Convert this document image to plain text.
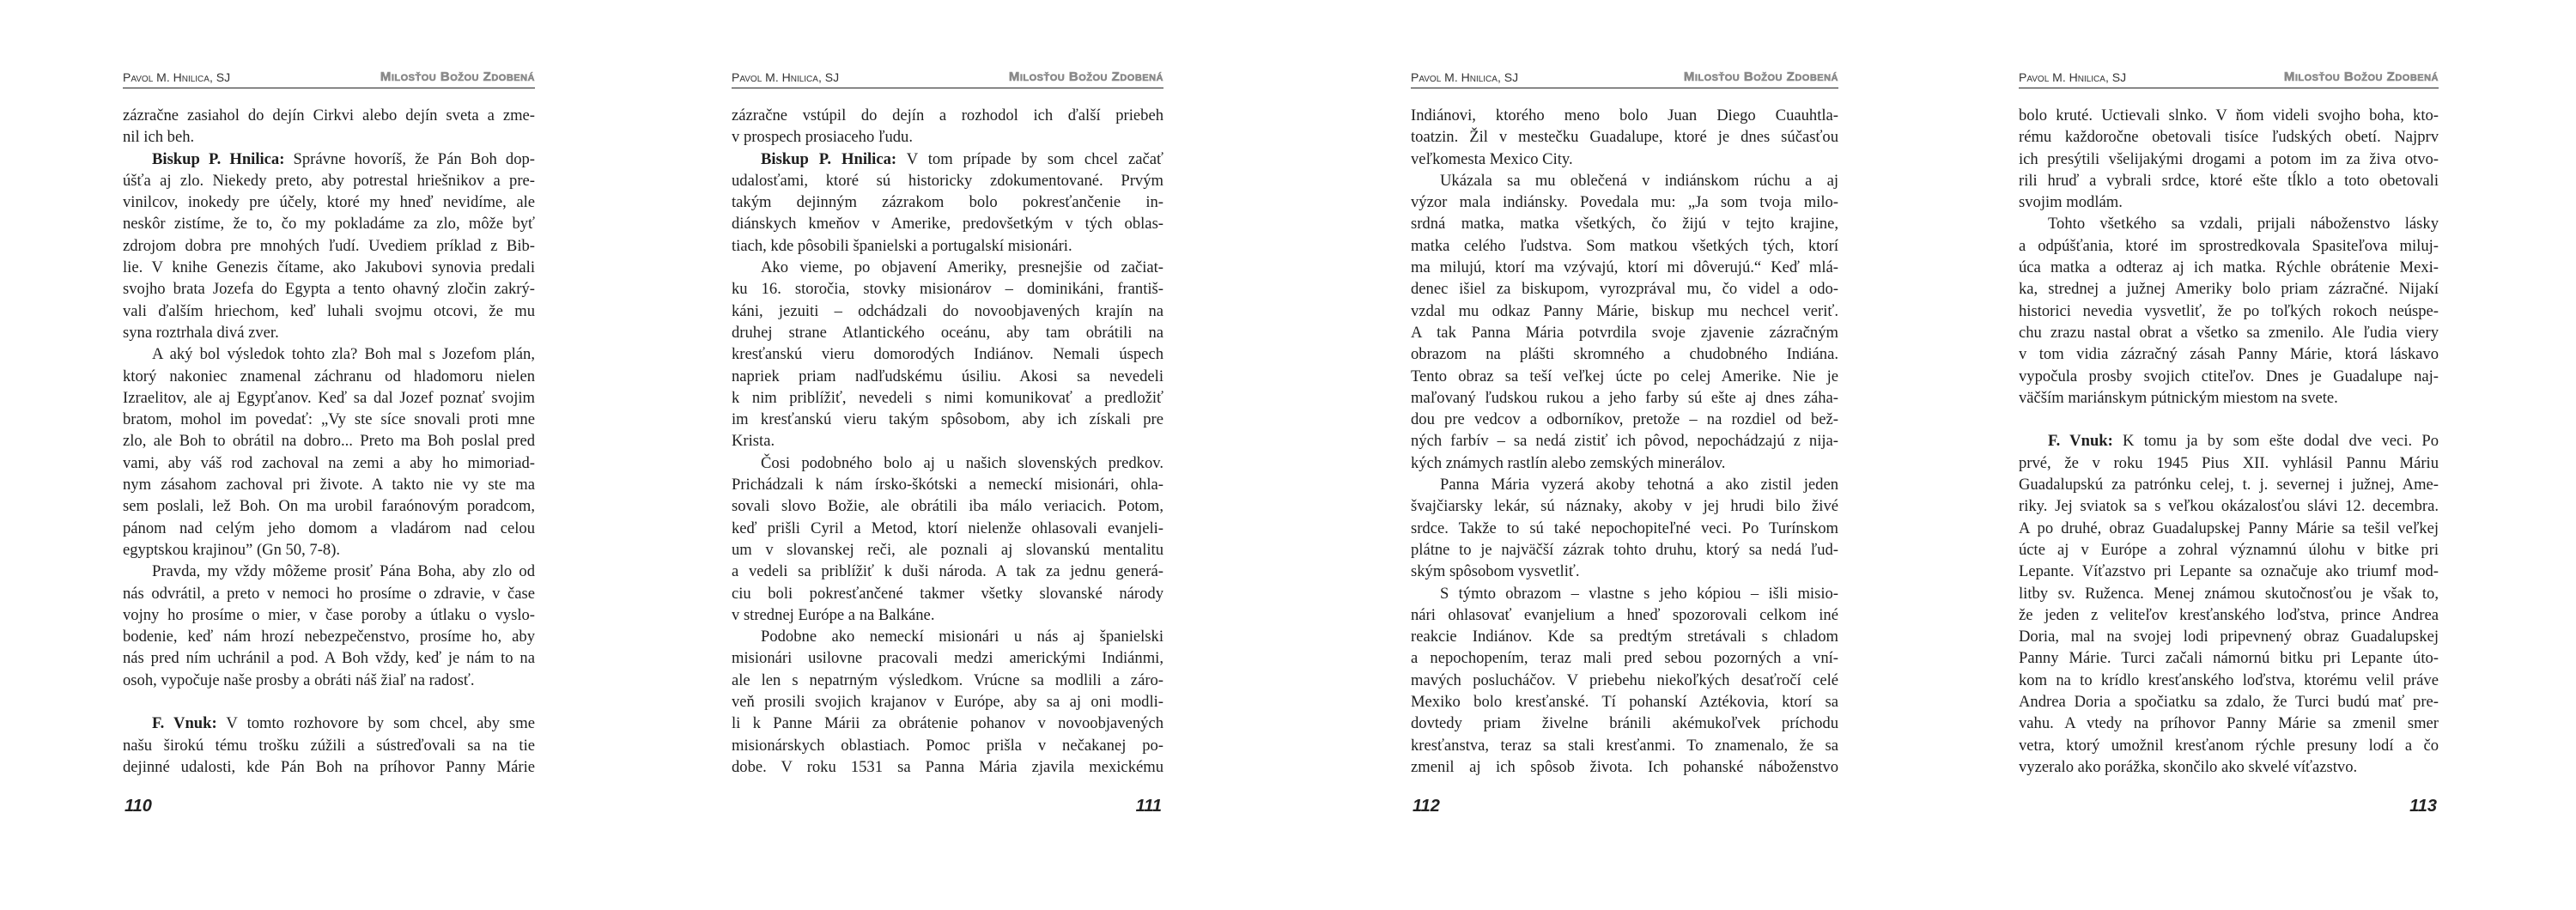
Pavol M. Hnilica, SJ	Milosťou Božou Zdobená
zázračne zasiahol do dejín Cirkvi alebo dejín sveta a zme-
nil ich beh.
Biskup P. Hnilica: Správne hovoríš, že Pán Boh dop-
úšťa aj zlo. Niekedy preto, aby potrestal hriešnikov a pre-
vinilcov, inokedy pre účely, ktoré my hneď nevidíme, ale
neskôr zistíme, že to, čo my pokladáme za zlo, môže byť
zdrojom dobra pre mnohých ľudí. Uvediem príklad z Bib-
lie. V knihe Genezis čítame, ako Jakubovi synovia predali
svojho brata Jozefa do Egypta a tento ohavný zločin zakrý-
vali ďalším hriechom, keď luhali svojmu otcovi, že mu
syna roztrhala divá zver.
A aký bol výsledok tohto zla? Boh mal s Jozefom plán,
ktorý nakoniec znamenal záchranu od hladomoru nielen
Izraelitov, ale aj Egypťanov. Keď sa dal Jozef poznať svojim
bratom, mohol im povedať: „Vy ste síce snovali proti mne
zlo, ale Boh to obrátil na dobro... Preto ma Boh poslal pred
vami, aby váš rod zachoval na zemi a aby ho mimoriad-
nym zásahom zachoval pri živote. A takto nie vy ste ma
sem poslali, lež Boh. On ma urobil faraónovým poradcom,
pánom nad celým jeho domom a vladárom nad celou
egyptskou krajinou” (Gn 50, 7-8).
Pravda, my vždy môžeme prosiť Pána Boha, aby zlo od
nás odvrátil, a preto v nemoci ho prosíme o zdravie, v čase
vojny ho prosíme o mier, v čase poroby a útlaku o vyslo-
bodenie, keď nám hrozí nebezpečenstvo, prosíme ho, aby
nás pred ním uchránil a pod. A Boh vždy, keď je nám to na
osoh, vypočuje naše prosby a obráti náš žiaľ na radosť.
F. Vnuk: V tomto rozhovore by som chcel, aby sme
našu širokú tému trošku zúžili a sústreďovali sa na tie
dejinné udalosti, kde Pán Boh na príhovor Panny Márie
110
Pavol M. Hnilica, SJ	Milosťou Božou Zdobená
zázračne vstúpil do dejín a rozhodol ich ďalší priebeh
v prospech prosiaceho ľudu.
Biskup P. Hnilica: V tom prípade by som chcel začať
udalosťami, ktoré sú historicky zdokumentované. Prvým
takým dejinným zázrakom bolo pokresťančenie in-
diánskych kmeňov v Amerike, predovšetkým v tých oblas-
tiach, kde pôsobili španielski a portugalskí misionári.
Ako vieme, po objavení Ameriky, presnejšie od začiat-
ku 16. storočia, stovky misionárov – dominikáni, františ-
káni, jezuiti – odchádzali do novoobjavených krajín na
druhej strane Atlantického oceánu, aby tam obrátili na
kresťanskú vieru domorodých Indiánov. Nemali úspech
napriek priam nadľudskému úsiliu. Akosi sa nevedeli
k nim priblížiť, nevedeli s nimi komunikovať a predložiť
im kresťanskú vieru takým spôsobom, aby ich získali pre
Krista.
Čosi podobného bolo aj u našich slovenských predkov.
Prichádzali k nám írsko-škótski a nemeckí misionári, ohla-
sovali slovo Božie, ale obrátili iba málo veriacich. Potom,
keď prišli Cyril a Metod, ktorí nielenže ohlasovali evanjeli-
um v slovanskej reči, ale poznali aj slovanskú mentalitu
a vedeli sa priblížiť k duši národa. A tak za jednu generá-
ciu boli pokresťančené takmer všetky slovanské národy
v strednej Európe a na Balkáne.
Podobne ako nemeckí misionári u nás aj španielski
misionári usilovne pracovali medzi americkými Indiánmi,
ale len s nepatrným výsledkom. Vrúcne sa modlili a záro-
veň prosili svojich krajanov v Európe, aby sa aj oni modli-
li k Panne Márii za obrátenie pohanov v novoobjavených
misionárskych oblastiach. Pomoc prišla v nečakanej po-
dobe. V roku 1531 sa Panna Mária zjavila mexickému
111
Pavol M. Hnilica, SJ	Milosťou Božou Zdobená
Indiánovi, ktorého meno bolo Juan Diego Cuauhtla-
toatzin. Žil v mestečku Guadalupe, ktoré je dnes súčasťou
veľkomesta Mexico City.
Ukázala sa mu oblečená v indiánskom rúchu a aj
výzor mala indiánsky. Povedala mu: „Ja som tvoja milo-
srdná matka, matka všetkých, čo žijú v tejto krajine,
matka celého ľudstva. Som matkou všetkých tých, ktorí
ma milujú, ktorí ma vzývajú, ktorí mi dôverujú.“ Keď mlá-
denec išiel za biskupom, vyrozprával mu, čo videl a odo-
vzdal mu odkaz Panny Márie, biskup mu nechcel veriť.
A tak Panna Mária potvrdila svoje zjavenie zázračným
obrazom na plášti skromného a chudobného Indiána.
Tento obraz sa teší veľkej úcte po celej Amerike. Nie je
maľovaný ľudskou rukou a jeho farby sú ešte aj dnes záha-
dou pre vedcov a odborníkov, pretože – na rozdiel od bež-
ných farbív – sa nedá zistiť ich pôvod, nepochádzajú z nija-
kých známych rastlín alebo zemských minerálov.
Panna Mária vyzerá akoby tehotná a ako zistil jeden
švajčiarsky lekár, sú náznaky, akoby v jej hrudi bilo živé
srdce. Takže to sú také nepochopiteľné veci. Po Turínskom
plátne to je najväčší zázrak tohto druhu, ktorý sa nedá ľud-
ským spôsobom vysvetliť.
S týmto obrazom – vlastne s jeho kópiou – išli misio-
nári ohlasovať evanjelium a hneď spozorovali celkom iné
reakcie Indiánov. Kde sa predtým stretávali s chladom
a nepochopením, teraz mali pred sebou pozorných a vní-
mavých poslucháčov. V priebehu niekoľkých desaťročí celé
Mexiko bolo kresťanské. Tí pohanskí Aztékovia, ktorí sa
dovtedy priam živelne bránili akémukoľvek príchodu
kresťanstva, teraz sa stali kresťanmi. To znamenalo, že sa
zmenil aj ich spôsob života. Ich pohanské náboženstvo
112
Pavol M. Hnilica, SJ	Milosťou Božou Zdobená
bolo kruté. Uctievali slnko. V ňom videli svojho boha, kto-
rému každoročne obetovali tisíce ľudských obetí. Najprv
ich presýtili všelijakými drogami a potom im za živa otvo-
rili hruď a vybrali srdce, ktoré ešte tĺklo a toto obetovali
svojim modlám.
Tohto všetkého sa vzdali, prijali náboženstvo lásky
a odpúšťania, ktoré im sprostredkovala Spasiteľova miluj-
úca matka a odteraz aj ich matka. Rýchle obrátenie Mexi-
ka, strednej a južnej Ameriky bolo priam zázračné. Nijakí
historici nevedia vysvetliť, že po toľkých rokoch neúspe-
chu zrazu nastal obrat a všetko sa zmenilo. Ale ľudia viery
v tom vidia zázračný zásah Panny Márie, ktorá láskavo
vypočula prosby svojich ctiteľov. Dnes je Guadalupe naj-
väčším mariánskym pútnickým miestom na svete.
F. Vnuk: K tomu ja by som ešte dodal dve veci. Po
prvé, že v roku 1945 Pius XII. vyhlásil Pannu Máriu
Guadalupskú za patrónku celej, t. j. severnej i južnej, Ame-
riky. Jej sviatok sa s veľkou okázalosťou slávi 12. decembra.
A po druhé, obraz Guadalupskej Panny Márie sa tešil veľkej
úcte aj v Európe a zohral významnú úlohu v bitke pri
Lepante. Víťazstvo pri Lepante sa označuje ako triumf mod-
litby sv. Ruženca. Menej známou skutočnosťou je však to,
že jeden z veliteľov kresťanského loďstva, prince Andrea
Doria, mal na svojej lodi pripevnený obraz Guadalupskej
Panny Márie. Turci začali námornú bitku pri Lepante úto-
kom na to krídlo kresťanského loďstva, ktorému velil práve
Andrea Doria a spočiatku sa zdalo, že Turci budú mať pre-
vahu. A vtedy na príhovor Panny Márie sa zmenil smer
vetra, ktorý umožnil kresťanom rýchle presuny lodí a čo
vyzeralo ako porážka, skončilo ako skvelé víťazstvo.
113
